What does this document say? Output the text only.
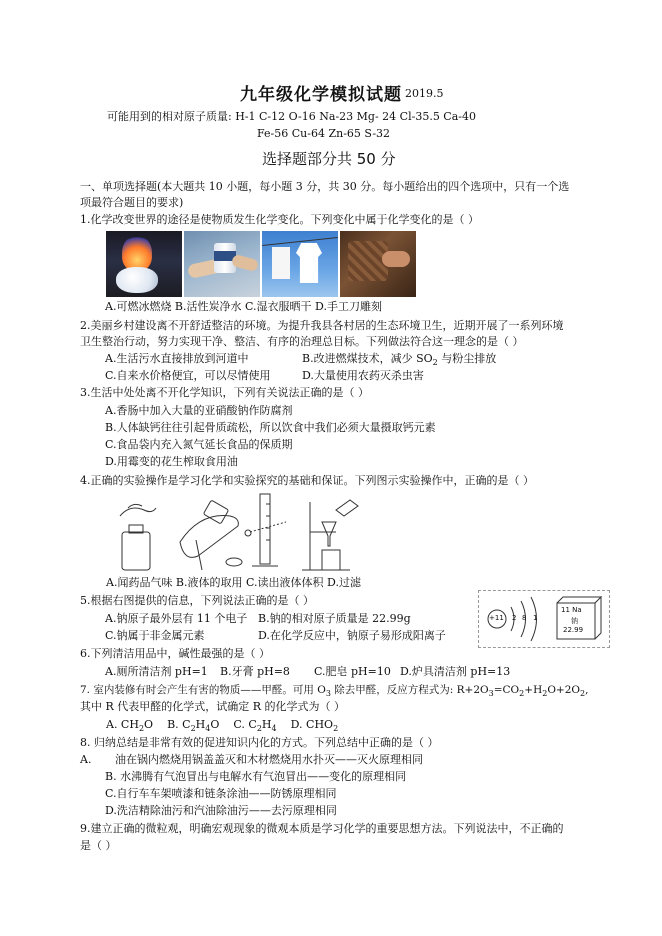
九年级化学模拟试题 2019.5
可能用到的相对原子质量: H-1 C-12 O-16 Na-23 Mg- 24 Cl-35.5 Ca-40
Fe-56 Cu-64 Zn-65 S-32
选择题部分共 50 分
一、单项选择题(本大题共 10 小题，每小题 3 分，共 30 分。每小题给出的四个选项中，只有一个选
项最符合题目的要求)
1.化学改变世界的途径是使物质发生化学变化。下列变化中属于化学变化的是（ ）
A.可燃冰燃烧 B.活性炭净水 C.湿衣服晒干 D.手工刀雕刻
2.美丽乡村建设离不开舒适整洁的环境。为提升我县各村居的生态环境卫生，近期开展了一系列环境
卫生整治行动，努力实现干净、整洁、有序的治理总目标。下列做法符合这一理念的是（ ）
A.生活污水直接排放到河道中	B.改进燃煤技术，减少 $SO_2$ 与粉尘排放
C.自来水价格便宜，可以尽情使用	D.大量使用农药灭杀虫害
3.生活中处处离不开化学知识，下列有关说法正确的是（ ）
A.香肠中加入大量的亚硝酸钠作防腐剂
B.人体缺钙往往引起骨质疏松，所以饮食中我们必须大量摄取钙元素
C.食品袋内充入氮气延长食品的保质期
D.用霉变的花生榨取食用油
4.正确的实验操作是学习化学和实验探究的基础和保证。下列图示实验操作中，正确的是（ ）
A.闻药品气味 B.液体的取用 C.读出液体体积 D.过滤
5.根据右图提供的信息，下列说法正确的是（ ）
A.钠原子最外层有 11 个电子 B.钠的相对原子质量是 22.99g
C.钠属于非金属元素	D.在化学反应中，钠原子易形成阳离子
+11 2 8 1
11 Na
钠
22.99
6.下列清洁用品中，碱性最强的是（ ）
A.厕所清洁剂 pH=1 B.牙膏 pH=8 C.肥皂 pH=10 D.炉具清洁剂 pH=13
7. 室内装修有时会产生有害的物质——甲醛。可用 $O_3$ 除去甲醛，反应方程式为: $R+2O_3=CO_2+H_2O+2O_2$,
其中 R 代表甲醛的化学式，试确定 R 的化学式为（ ）
A. $CH_2O$ B. $C_2H_4O$ C. $C_2H_4$ D. $CHO_2$
8. 归纳总结是非常有效的促进知识内化的方式。下列总结中正确的是（ ）
A. 油在锅内燃烧用锅盖盖灭和木材燃烧用水扑灭——灭火原理相同
B. 水沸腾有气泡冒出与电解水有气泡冒出——变化的原理相同
C.自行车车架喷漆和链条涂油——防锈原理相同
D.洗洁精除油污和汽油除油污——去污原理相同
9.建立正确的微粒观，明确宏观现象的微观本质是学习化学的重要思想方法。下列说法中，不正确的
是（ ）
